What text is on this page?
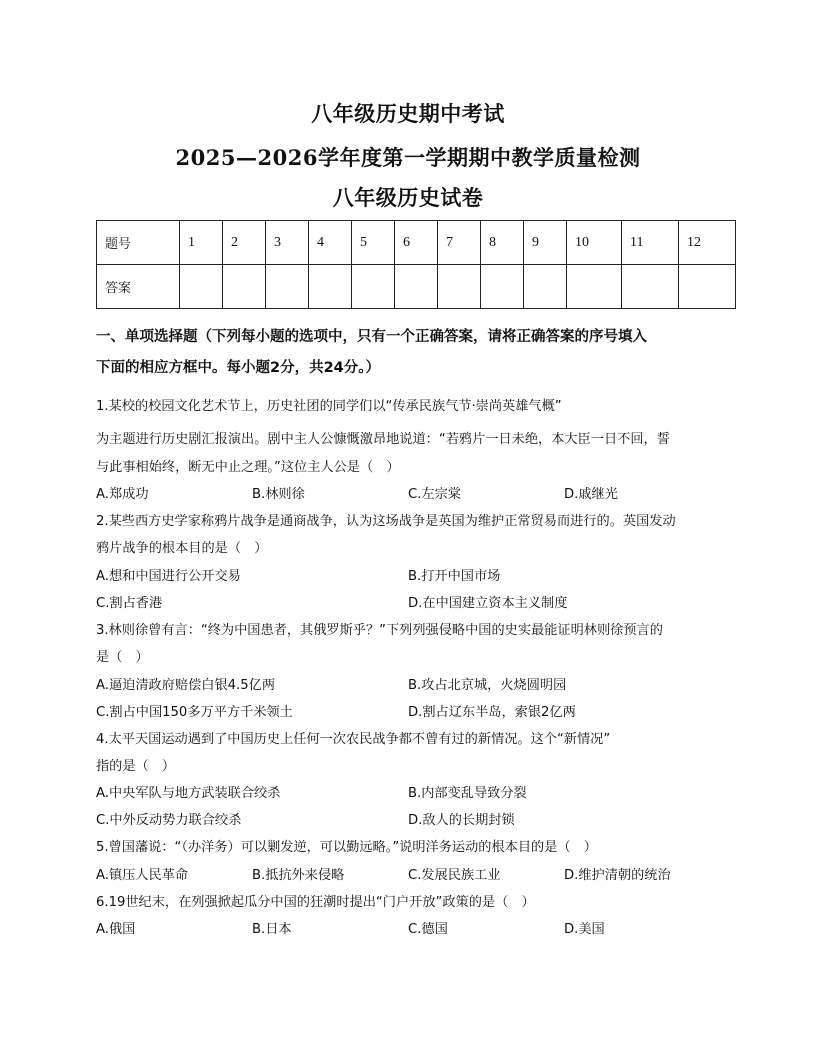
八年级历史期中考试
2025—2026学年度第一学期期中教学质量检测
八年级历史试卷
题号	1	2	3	4	5	6	7	8	9	10	11	12
答案												
一、单项选择题（下列每小题的选项中，只有一个正确答案，请将正确答案的序号填入
下面的相应方框中。每小题2分，共24分。）
1.某校的校园文化艺术节上，历史社团的同学们以“传承民族气节·崇尚英雄气概”
为主题进行历史剧汇报演出。剧中主人公慷慨激昂地说道：“若鸦片一日未绝，本大臣一日不回，誓
与此事相始终，断无中止之理。”这位主人公是（　）
A.郑成功	B.林则徐	C.左宗棠	D.戚继光
2.某些西方史学家称鸦片战争是通商战争，认为这场战争是英国为维护正常贸易而进行的。英国发动
鸦片战争的根本目的是（　）
A.想和中国进行公开交易	B.打开中国市场
C.割占香港	D.在中国建立资本主义制度
3.林则徐曾有言：“终为中国患者，其俄罗斯乎？”下列列强侵略中国的史实最能证明林则徐预言的
是（　）
A.逼迫清政府赔偿白银4.5亿两	B.攻占北京城，火烧圆明园
C.割占中国150多万平方千米领土	D.割占辽东半岛，索银2亿两
4.太平天国运动遇到了中国历史上任何一次农民战争都不曾有过的新情况。这个“新情况”
指的是（　）
A.中央军队与地方武装联合绞杀	B.内部变乱导致分裂
C.中外反动势力联合绞杀	D.敌人的长期封锁
5.曾国藩说：“（办洋务）可以剿发逆，可以勤远略。”说明洋务运动的根本目的是（　）
A.镇压人民革命	B.抵抗外来侵略	C.发展民族工业	D.维护清朝的统治
6.19世纪末，在列强掀起瓜分中国的狂潮时提出“门户开放”政策的是（　）
A.俄国	B.日本	C.德国	D.美国
